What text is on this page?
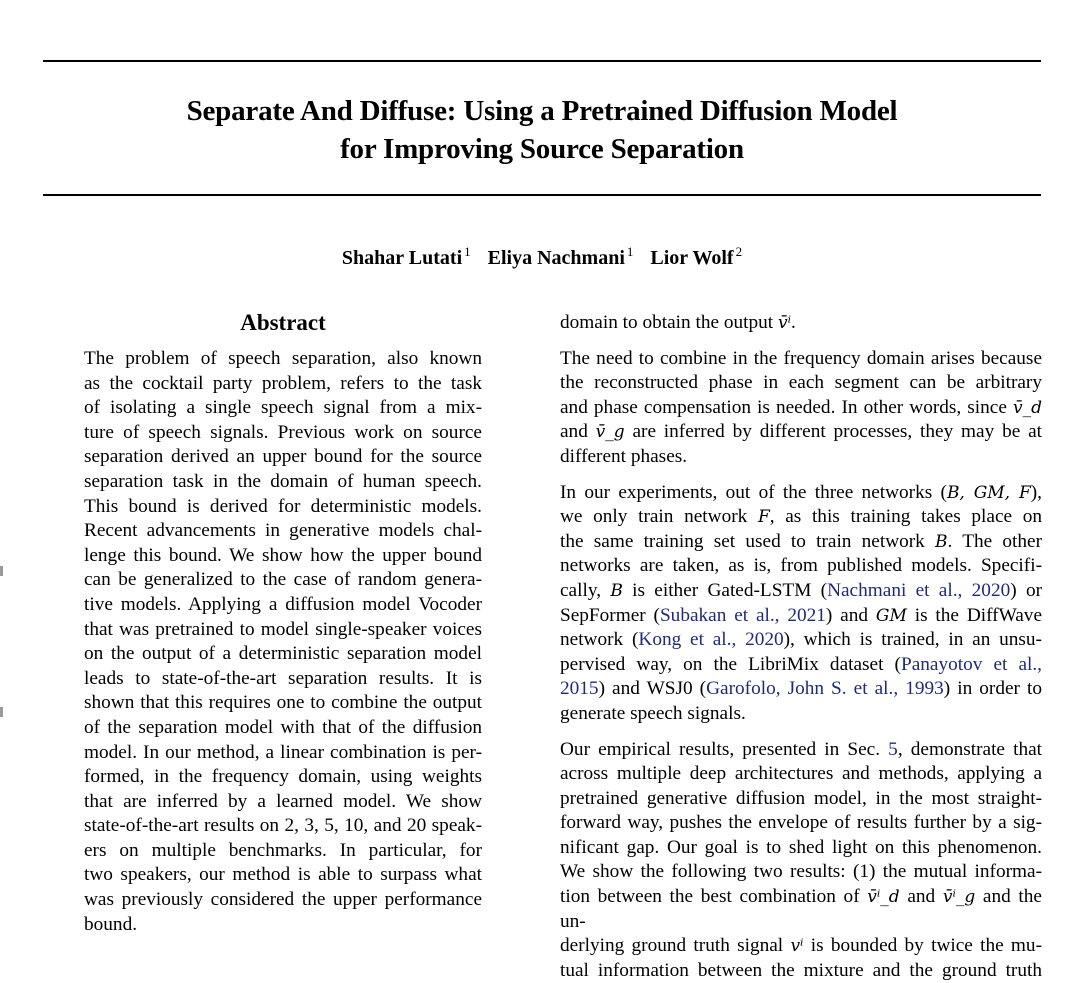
Separate And Diffuse: Using a Pretrained Diffusion Model
for Improving Source Separation
Shahar Lutati $^1$ Eliya Nachmani $^1$ Lior Wolf $^2$
Abstract

The problem of speech separation, also known

as the cocktail party problem, refers to the task

of isolating a single speech signal from a mix-

ture of speech signals. Previous work on source

separation derived an upper bound for the source

separation task in the domain of human speech.

This bound is derived for deterministic models.

Recent advancements in generative models chal-

lenge this bound. We show how the upper bound

can be generalized to the case of random genera-

tive models. Applying a diffusion model Vocoder

that was pretrained to model single-speaker voices

on the output of a deterministic separation model

leads to state-of-the-art separation results. It is

shown that this requires one to combine the output

of the separation model with that of the diffusion

model. In our method, a linear combination is per-

formed, in the frequency domain, using weights

that are inferred by a learned model. We show

state-of-the-art results on 2, 3, 5, 10, and 20 speak-

ers on multiple benchmarks. In particular, for

two speakers, our method is able to surpass what

was previously considered the upper performance

bound.

domain to obtain the output v̄ⁱ.

The need to combine in the frequency domain arises because

the reconstructed phase in each segment can be arbitrary

and phase compensation is needed. In other words, since v̄_d

and v̄_g are inferred by different processes, they may be at

different phases.

In our experiments, out of the three networks (B, GM, F),

we only train network F, as this training takes place on

the same training set used to train network B. The other

networks are taken, as is, from published models. Specifi-

cally, B is either Gated-LSTM (Nachmani et al., 2020) or

SepFormer (Subakan et al., 2021) and GM is the DiffWave

network (Kong et al., 2020), which is trained, in an unsu-

pervised way, on the LibriMix dataset (Panayotov et al.,

2015) and WSJ0 (Garofolo, John S. et al., 1993) in order to

generate speech signals.

Our empirical results, presented in Sec. 5, demonstrate that

across multiple deep architectures and methods, applying a

pretrained generative diffusion model, in the most straight-

forward way, pushes the envelope of results further by a sig-

nificant gap. Our goal is to shed light on this phenomenon.

We show the following two results: (1) the mutual informa-

tion between the best combination of v̄ⁱ_d and v̄ⁱ_g and the un-

derlying ground truth signal vⁱ is bounded by twice the mu-

tual information between the mixture and the ground truth
